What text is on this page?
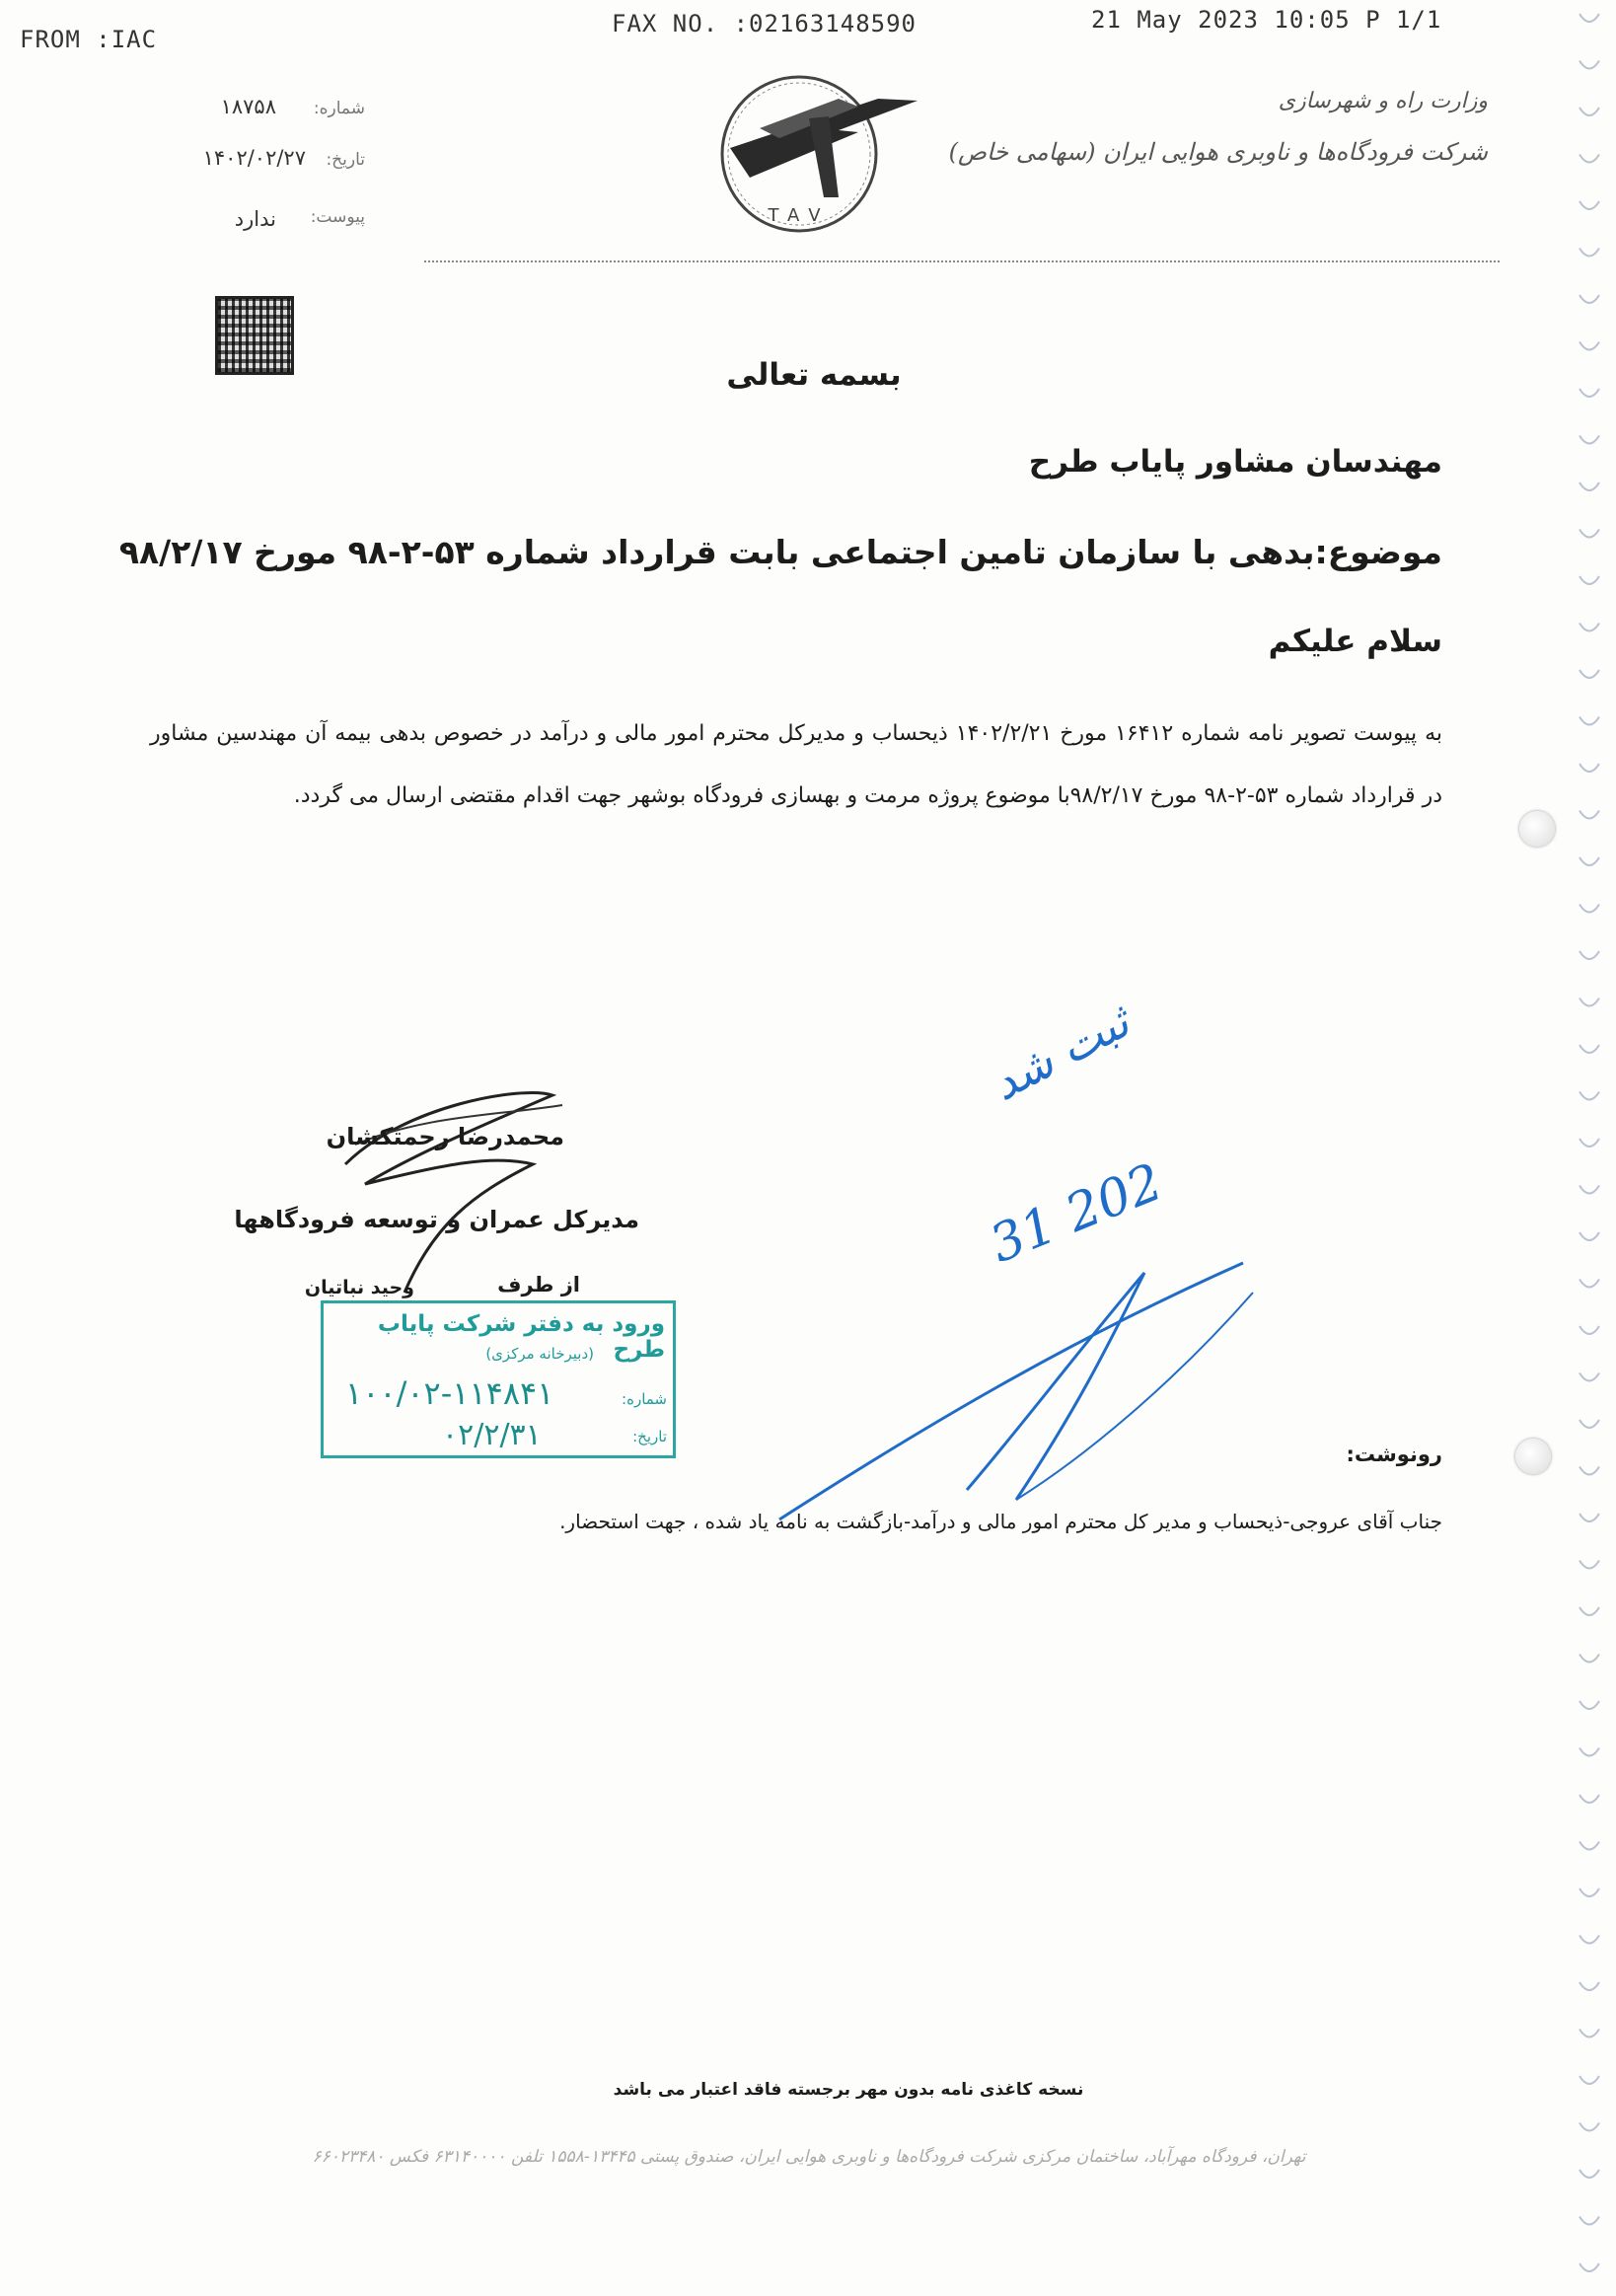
FROM :IAC
FAX NO. :02163148590	21 May 2023 10:05 P 1/1
شماره:
۱۸۷۵۸
تاریخ:
۱۴۰۲/۰۲/۲۷
پیوست:
ندارد	TAV
وزارت راه و شهرسازی
شرکت فرودگاه‌ها و ناوبری هوایی ایران (سهامی خاص)
بسمه تعالی
مهندسان مشاور پایاب طرح
موضوع:بدهی با سازمان تامین اجتماعی بابت قرارداد شماره ۵۳-۲-۹۸ مورخ ۹۸/۲/۱۷
سلام علیکم
به پیوست تصویر نامه شماره ۱۶۴۱۲ مورخ ۱۴۰۲/۲/۲۱ ذیحساب و مدیرکل محترم امور مالی و درآمد در خصوص بدهی بیمه آن مهندسین مشاور در قرارداد شماره ۵۳-۲-۹۸ مورخ ۹۸/۲/۱۷با موضوع پروژه مرمت و بهسازی فرودگاه بوشهر جهت اقدام مقتضی ارسال می گردد.
محمدرضا رحمتکشان
مدیرکل عمران و توسعه فرودگاهها
از طرف
وحید نباتیان
ورود به دفتر شرکت پایاب طرح
(دبیرخانه مرکزی)
شماره:
۱۰۰/۰۲-۱۱۴۸۴۱
تاریخ:
۰۲/۲/۳۱
ثبت شد
31 202
رونوشت:
جناب آقای عروجی-ذیحساب و مدیر کل محترم امور مالی و درآمد-بازگشت به نامه یاد شده ، جهت استحضار.
نسخه کاغذی نامه بدون مهر برجسته فاقد اعتبار می باشد
تهران، فرودگاه مهرآباد، ساختمان مرکزی شرکت فرودگاه‌ها و ناوبری هوایی ایران، صندوق پستی ۱۳۴۴۵-۱۵۵۸ تلفن ۶۳۱۴۰۰۰۰ فکس ۶۶۰۲۳۴۸۰
